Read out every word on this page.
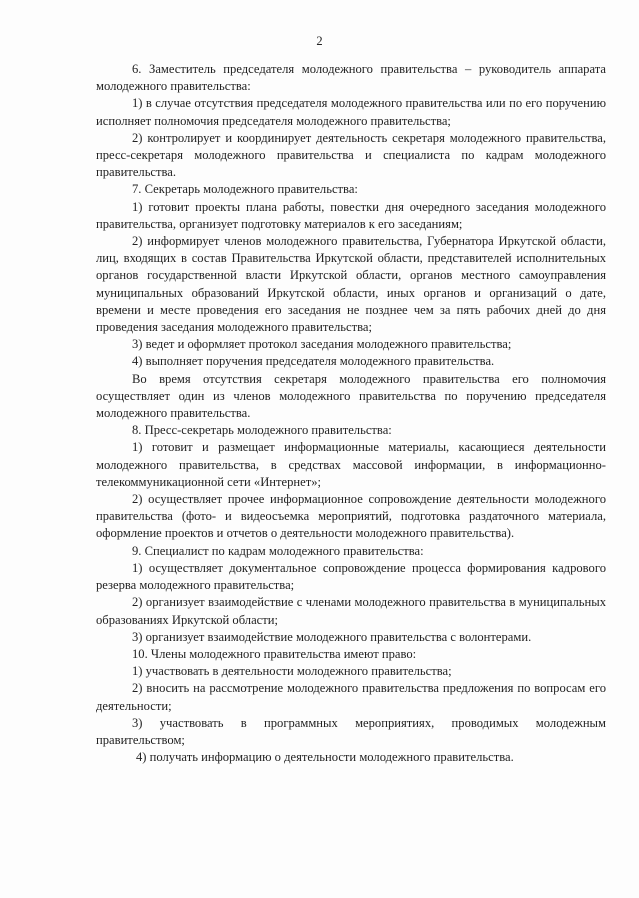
2

6. Заместитель председателя молодежного правительства – руководитель аппарата молодежного правительства:

1) в случае отсутствия председателя молодежного правительства или по его поручению исполняет полномочия председателя молодежного правительства;

2) контролирует и координирует деятельность секретаря молодежного правительства, пресс-секретаря молодежного правительства и специалиста по кадрам молодежного правительства.

7. Секретарь молодежного правительства:

1) готовит проекты плана работы, повестки дня очередного заседания молодежного правительства, организует подготовку материалов к его заседаниям;

2) информирует членов молодежного правительства, Губернатора Иркутской области, лиц, входящих в состав Правительства Иркутской области, представителей исполнительных органов государственной власти Иркутской области, органов местного самоуправления муниципальных образований Иркутской области, иных органов и организаций о дате, времени и месте проведения его заседания не позднее чем за пять рабочих дней до дня проведения заседания молодежного правительства;

3) ведет и оформляет протокол заседания молодежного правительства;

4) выполняет поручения председателя молодежного правительства.

Во время отсутствия секретаря молодежного правительства его полномочия осуществляет один из членов молодежного правительства по поручению председателя молодежного правительства.

8. Пресс-секретарь молодежного правительства:

1) готовит и размещает информационные материалы, касающиеся деятельности молодежного правительства, в средствах массовой информации, в информационно-телекоммуникационной сети «Интернет»;

2) осуществляет прочее информационное сопровождение деятельности молодежного правительства (фото- и видеосъемка мероприятий, подготовка раздаточного материала, оформление проектов и отчетов о деятельности молодежного правительства).

9. Специалист по кадрам молодежного правительства:

1) осуществляет документальное сопровождение процесса формирования кадрового резерва молодежного правительства;

2) организует взаимодействие с членами молодежного правительства в муниципальных образованиях Иркутской области;

3) организует взаимодействие молодежного правительства с волонтерами.

10. Члены молодежного правительства имеют право:

1) участвовать в деятельности молодежного правительства;

2) вносить на рассмотрение молодежного правительства предложения по вопросам его деятельности;

3) участвовать в программных мероприятиях, проводимых молодежным правительством;

4) получать информацию о деятельности молодежного правительства.
